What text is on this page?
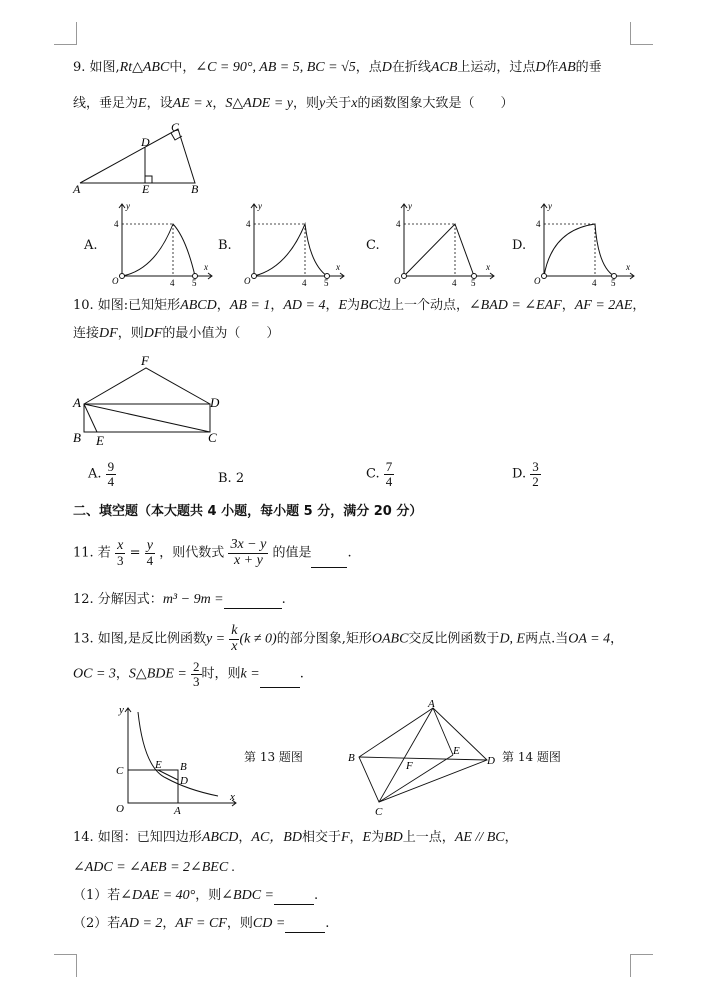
9. 如图,Rt△ABC中，∠C = 90°, AB = 5, BC = √5，点D在折线ACB上运动，过点D作AB的垂
线，垂足为E，设AE = x，S△ADE = y，则y关于x的函数图象大致是（　　）
C
D
A	E	B
A.	B.	C.	D.
y
x
4
O	4 5
y
x
4
O	4 5
y
x
4
O	4 5
y
x
4
O	4 5
10. 如图:已知矩形ABCD，AB = 1，AD = 4，E为BC边上一个动点，∠BAD = ∠EAF，AF = 2AE，
连接DF，则DF的最小值为（　　）
F
A	D
B E	C
A. $\frac{9}{4}$	B. 2	C. $\frac{7}{4}$	D. $\frac{3}{2}$
二、填空题（本大题共 4 小题，每小题 5 分，满分 20 分）
11. 若 $\frac{x}{3} = \frac{y}{4}$ ，则代数式 $\frac{3x - y}{x + y}$ 的值是	.
12. 分解因式：m³ − 9m =	.
13. 如图,是反比例函数$y = \frac{k}{x} (k \ne 0)$的部分图象,矩形OABC交反比例函数于D, E两点.当OA = 4，
OC = 3，S△BDE = $\frac{2}{3}$ 时，则k =	.
y
x
O	A
C	E B
D
第 13 题图
A
B	D
E
F
C
第 14 题图
14. 如图：已知四边形ABCD，AC，BD相交于F，E为BD上一点，AE // BC，
∠ADC = ∠AEB = 2∠BEC .
（1）若∠DAE = 40°，则∠BDC =	.
（2）若AD = 2，AF = CF，则CD =	.
